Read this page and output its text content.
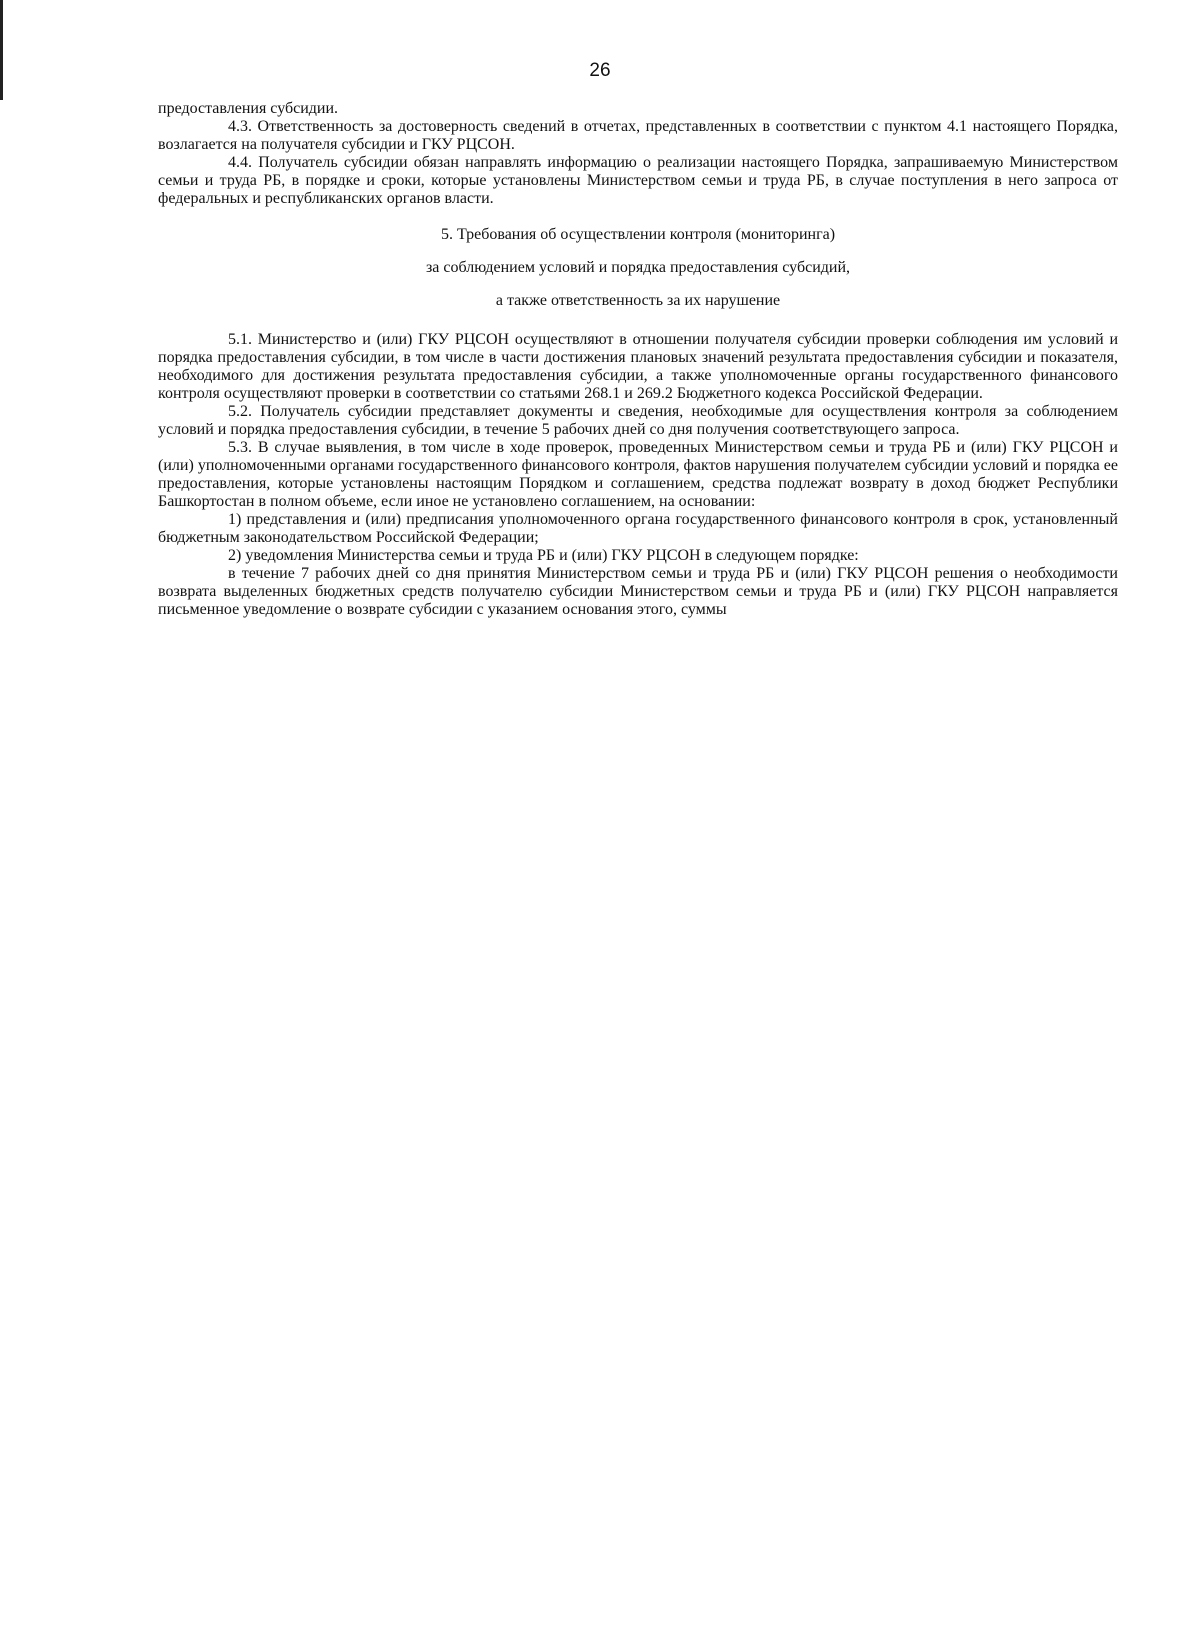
26

предоставления субсидии.

4.3. Ответственность за достоверность сведений в отчетах, представленных в соответствии с пунктом 4.1 настоящего Порядка, возлагается на получателя субсидии и ГКУ РЦСОН.

4.4. Получатель субсидии обязан направлять информацию о реализации настоящего Порядка, запрашиваемую Министерством семьи и труда РБ, в порядке и сроки, которые установлены Министерством семьи и труда РБ, в случае поступления в него запроса от федеральных и республиканских органов власти.

5. Требования об осуществлении контроля (мониторинга)
за соблюдением условий и порядка предоставления субсидий,
а также ответственность за их нарушение

5.1. Министерство и (или) ГКУ РЦСОН осуществляют в отношении получателя субсидии проверки соблюдения им условий и порядка предоставления субсидии, в том числе в части достижения плановых значений результата предоставления субсидии и показателя, необходимого для достижения результата предоставления субсидии, а также уполномоченные органы государственного финансового контроля осуществляют проверки в соответствии со статьями 268.1 и 269.2 Бюджетного кодекса Российской Федерации.

5.2. Получатель субсидии представляет документы и сведения, необходимые для осуществления контроля за соблюдением условий и порядка предоставления субсидии, в течение 5 рабочих дней со дня получения соответствующего запроса.

5.3. В случае выявления, в том числе в ходе проверок, проведенных Министерством семьи и труда РБ и (или) ГКУ РЦСОН и (или) уполномоченными органами государственного финансового контроля, фактов нарушения получателем субсидии условий и порядка ее предоставления, которые установлены настоящим Порядком и соглашением, средства подлежат возврату в доход бюджет Республики Башкортостан в полном объеме, если иное не установлено соглашением, на основании:

1) представления и (или) предписания уполномоченного органа государственного финансового контроля в срок, установленный бюджетным законодательством Российской Федерации;

2) уведомления Министерства семьи и труда РБ и (или) ГКУ РЦСОН в следующем порядке:

в течение 7 рабочих дней со дня принятия Министерством семьи и труда РБ и (или) ГКУ РЦСОН решения о необходимости возврата выделенных бюджетных средств получателю субсидии Министерством семьи и труда РБ и (или) ГКУ РЦСОН направляется письменное уведомление о возврате субсидии с указанием основания этого, суммы
